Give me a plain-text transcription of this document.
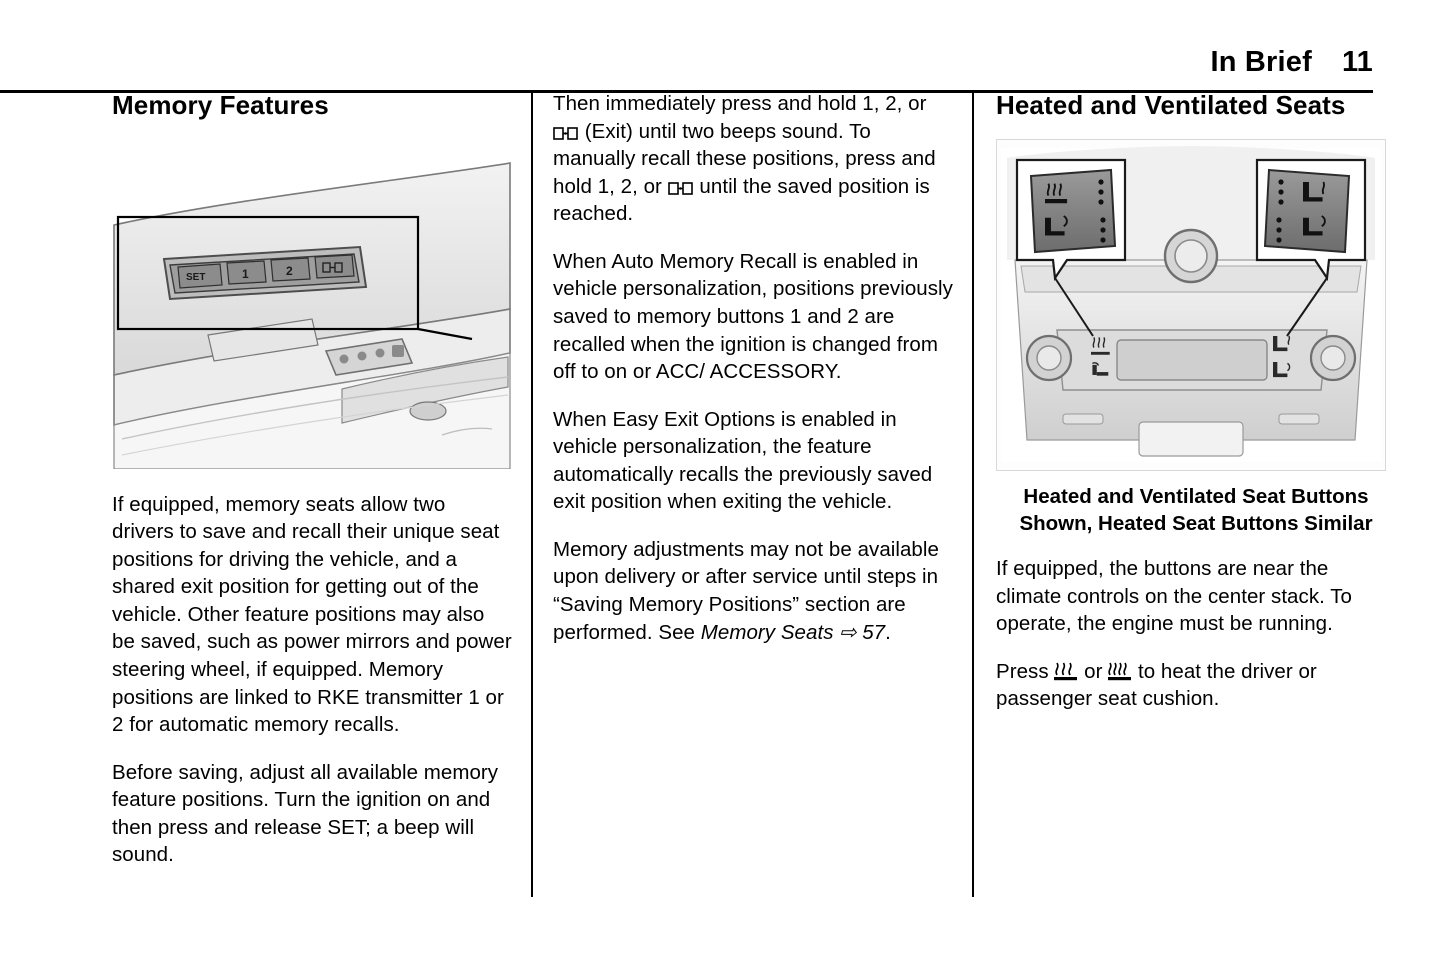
In Brief 11
Memory Features
SET	1	2

If equipped, memory seats allow two drivers to save and recall their unique seat positions for driving the vehicle, and a shared exit position for getting out of the vehicle. Other feature positions may also be saved, such as power mirrors and power steering wheel, if equipped. Memory positions are linked to RKE transmitter 1 or 2 for automatic memory recalls.

Before saving, adjust all available memory feature positions. Turn the ignition on and then press and release SET; a beep will sound.

Then immediately press and hold 1, 2, or
(Exit) until two beeps sound. To manually recall these positions, press and hold 1, 2, or until the saved position is reached.

When Auto Memory Recall is enabled in vehicle personalization, positions previously saved to memory buttons 1 and 2 are recalled when the ignition is changed from off to on or ACC/ ACCESSORY.

When Easy Exit Options is enabled in vehicle personalization, the feature automatically recalls the previously saved exit position when exiting the vehicle.

Memory adjustments may not be available upon delivery or after service until steps in “Saving Memory Positions” section are performed. See Memory Seats ⇨ 57.

Heated and Ventilated Seats
Heated and Ventilated Seat Buttons Shown, Heated Seat Buttons Similar

If equipped, the buttons are near the climate controls on the center stack. To operate, the engine must be running.

Press or to heat the driver or passenger seat cushion.
